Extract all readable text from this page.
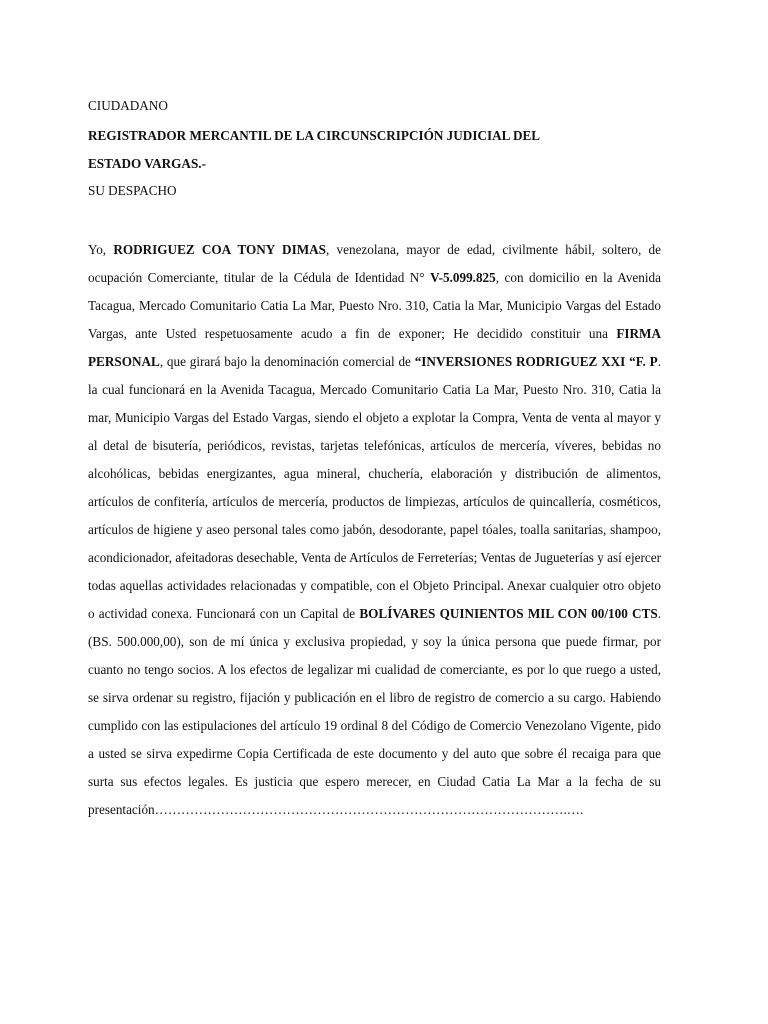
CIUDADANO
REGISTRADOR MERCANTIL DE LA CIRCUNSCRIPCIÓN JUDICIAL DEL
ESTADO VARGAS.-
SU DESPACHO
Yo, RODRIGUEZ COA TONY DIMAS, venezolana, mayor de edad, civilmente hábil, soltero, de ocupación Comerciante, titular de la Cédula de Identidad N° V-5.099.825, con domicilio en la Avenida Tacagua, Mercado Comunitario Catia La Mar, Puesto Nro. 310, Catia la Mar, Municipio Vargas del Estado Vargas, ante Usted respetuosamente acudo a fin de exponer; He decidido constituir una FIRMA PERSONAL, que girará bajo la denominación comercial de “INVERSIONES RODRIGUEZ XXI “F. P. la cual funcionará en la Avenida Tacagua, Mercado Comunitario Catia La Mar, Puesto Nro. 310, Catia la mar, Municipio Vargas del Estado Vargas, siendo el objeto a explotar la Compra, Venta de venta al mayor y al detal de bisutería, periódicos, revistas, tarjetas telefónicas, artículos de mercería, víveres, bebidas no alcohólicas, bebidas energizantes, agua mineral, chuchería, elaboración y distribución de alimentos, artículos de confitería, artículos de mercería, productos de limpiezas, artículos de quincallería, cosméticos, artículos de higiene y aseo personal tales como jabón, desodorante, papel tóales, toalla sanitarias, shampoo, acondicionador, afeitadoras desechable, Venta de Artículos de Ferreterías; Ventas de Jugueterías y así ejercer todas aquellas actividades relacionadas y compatible, con el Objeto Principal. Anexar cualquier otro objeto o actividad conexa. Funcionará con un Capital de BOLÍVARES QUINIENTOS MIL CON 00/100 CTS. (BS. 500.000,00), son de mí única y exclusiva propiedad, y soy la única persona que puede firmar, por cuanto no tengo socios. A los efectos de legalizar mi cualidad de comerciante, es por lo que ruego a usted, se sirva ordenar su registro, fijación y publicación en el libro de registro de comercio a su cargo. Habiendo cumplido con las estipulaciones del artículo 19 ordinal 8 del Código de Comercio Venezolano Vigente, pido a usted se sirva expedirme Copia Certificada de este documento y del auto que sobre él recaiga para que surta sus efectos legales. Es justicia que espero merecer, en Ciudad Catia La Mar a la fecha de su presentación………………………………………………………………………………….….
